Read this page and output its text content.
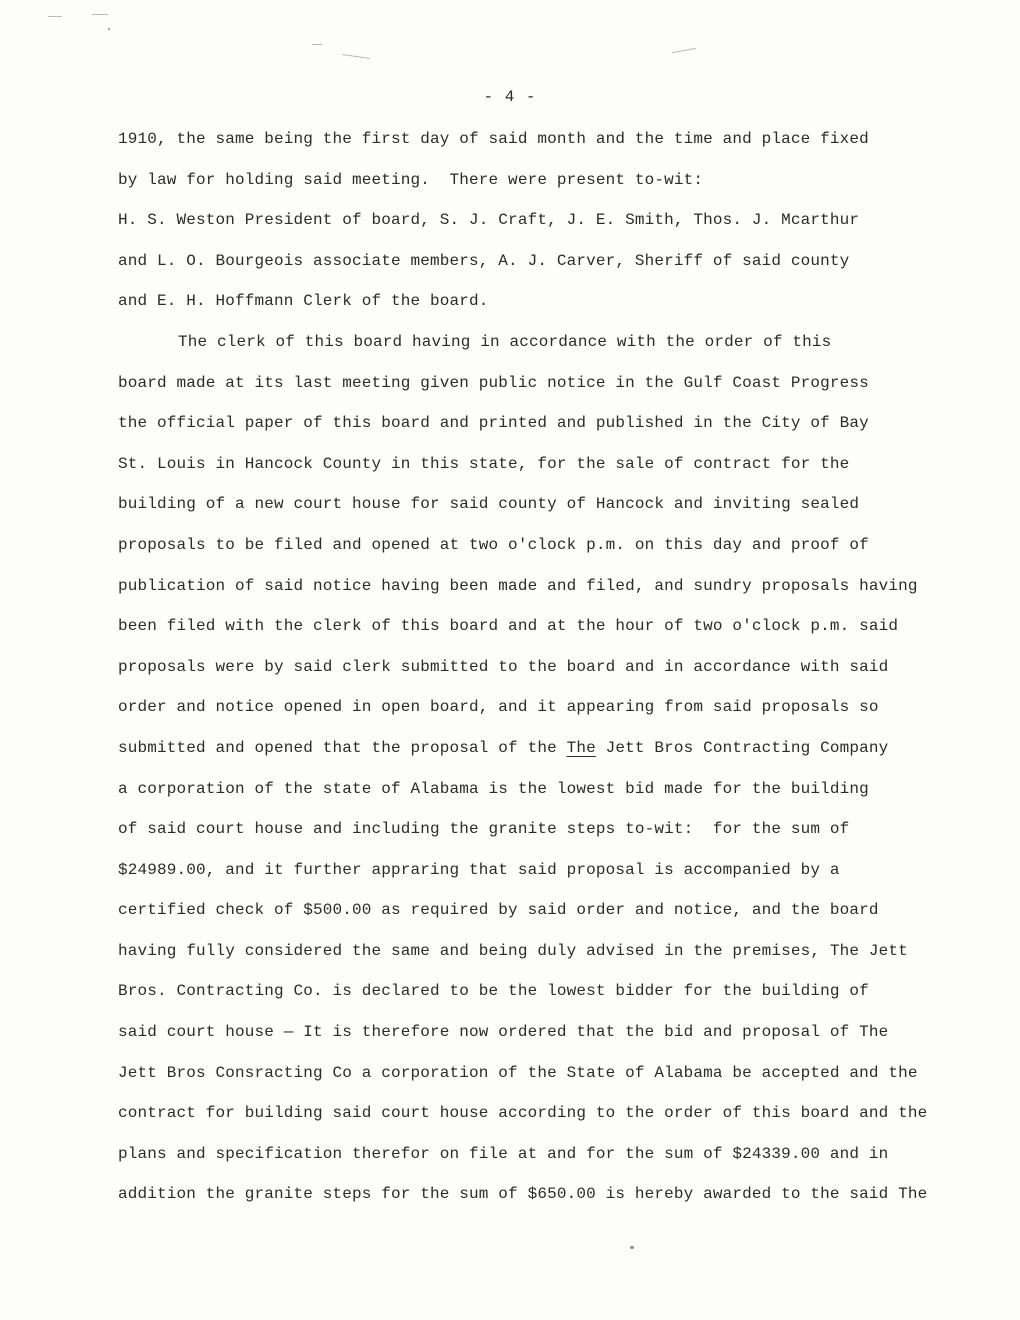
- 4 -
1910, the same being the first day of said month and the time and place fixed
by law for holding said meeting.  There were present to-wit:
H. S. Weston President of board, S. J. Craft, J. E. Smith, Thos. J. Mcarthur
and L. O. Bourgeois associate members, A. J. Carver, Sheriff of said county
and E. H. Hoffmann Clerk of the board.
The clerk of this board having in accordance with the order of this
board made at its last meeting given public notice in the Gulf Coast Progress
the official paper of this board and printed and published in the City of Bay
St. Louis in Hancock County in this state, for the sale of contract for the
building of a new court house for said county of Hancock and inviting sealed
proposals to be filed and opened at two o'clock p.m. on this day and proof of
publication of said notice having been made and filed, and sundry proposals having
been filed with the clerk of this board and at the hour of two o'clock p.m. said
proposals were by said clerk submitted to the board and in accordance with said
order and notice opened in open board, and it appearing from said proposals so
submitted and opened that the proposal of the The Jett Bros Contracting Company
a corporation of the state of Alabama is the lowest bid made for the building
of said court house and including the granite steps to-wit:  for the sum of
$24989.00, and it further apprаring that said proposal is accompanied by a
certified check of $500.00 as required by said order and notice, and the board
having fully considered the same and being duly advised in the premises, The Jett
Bros. Contracting Co. is declared to be the lowest bidder for the building of
said court house — It is therefore now ordered that the bid and proposal of The
Jett Bros Consracting Co a corporation of the State of Alabama be accepted and the
contract for building said court house according to the order of this board and the
plans and specification therefor on file at and for the sum of $24339.00 and in
addition the granite steps for the sum of $650.00 is hereby awarded to the said The
